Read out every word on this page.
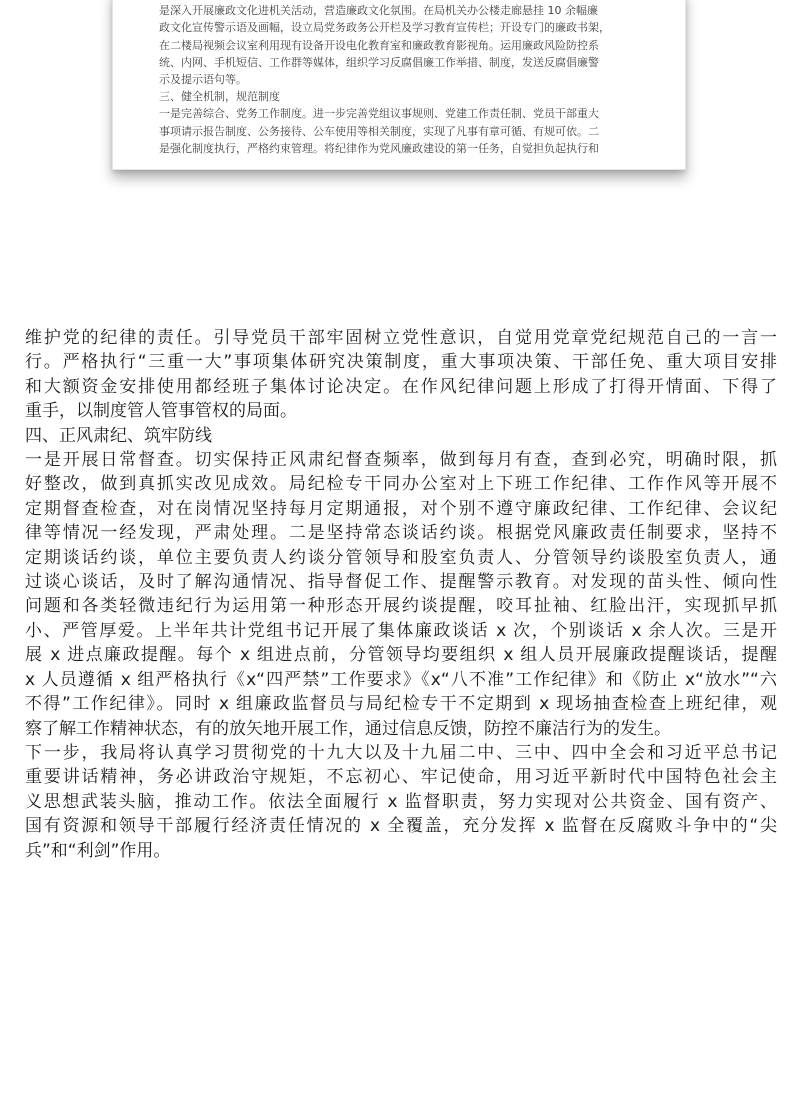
是深入开展廉政文化进机关活动，营造廉政文化氛围。在局机关办公楼走廊悬挂 10 余幅廉
政文化宣传警示语及画幅，设立局党务政务公开栏及学习教育宣传栏；开设专门的廉政书架，
在二楼局视频会议室利用现有设备开设电化教育室和廉政教育影视角。运用廉政风险防控系
统、内网、手机短信、工作群等媒体，组织学习反腐倡廉工作举措、制度，发送反腐倡廉警
示及提示语句等。
三、健全机制，规范制度
一是完善综合、党务工作制度。进一步完善党组议事规则、党建工作责任制、党员干部重大
事项请示报告制度、公务接待、公车使用等相关制度，实现了凡事有章可循、有规可依。二
是强化制度执行，严格约束管理。将纪律作为党风廉政建设的第一任务，自觉担负起执行和
维护党的纪律的责任。引导党员干部牢固树立党性意识，自觉用党章党纪规范自己的一言一
行。严格执行“三重一大”事项集体研究决策制度，重大事项决策、干部任免、重大项目安排
和大额资金安排使用都经班子集体讨论决定。在作风纪律问题上形成了打得开情面、下得了
重手，以制度管人管事管权的局面。
四、正风肃纪、筑牢防线
一是开展日常督查。切实保持正风肃纪督查频率，做到每月有查，查到必究，明确时限，抓
好整改，做到真抓实改见成效。局纪检专干同办公室对上下班工作纪律、工作作风等开展不
定期督查检查，对在岗情况坚持每月定期通报，对个别不遵守廉政纪律、工作纪律、会议纪
律等情况一经发现，严肃处理。二是坚持常态谈话约谈。根据党风廉政责任制要求，坚持不
定期谈话约谈，单位主要负责人约谈分管领导和股室负责人、分管领导约谈股室负责人，通
过谈心谈话，及时了解沟通情况、指导督促工作、提醒警示教育。对发现的苗头性、倾向性
问题和各类轻微违纪行为运用第一种形态开展约谈提醒，咬耳扯袖、红脸出汗，实现抓早抓
小、严管厚爱。上半年共计党组书记开展了集体廉政谈话 x 次，个别谈话 x 余人次。三是开
展 x 进点廉政提醒。每个 x 组进点前，分管领导均要组织 x 组人员开展廉政提醒谈话，提醒
x 人员遵循 x 组严格执行《x“四严禁”工作要求》《x“八不准”工作纪律》和《防止 x“放水”“六
不得”工作纪律》。同时 x 组廉政监督员与局纪检专干不定期到 x 现场抽查检查上班纪律，观
察了解工作精神状态，有的放矢地开展工作，通过信息反馈，防控不廉洁行为的发生。
下一步，我局将认真学习贯彻党的十九大以及十九届二中、三中、四中全会和习近平总书记
重要讲话精神，务必讲政治守规矩，不忘初心、牢记使命，用习近平新时代中国特色社会主
义思想武装头脑，推动工作。依法全面履行 x 监督职责，努力实现对公共资金、国有资产、
国有资源和领导干部履行经济责任情况的 x 全覆盖，充分发挥 x 监督在反腐败斗争中的“尖
兵”和“利剑”作用。
